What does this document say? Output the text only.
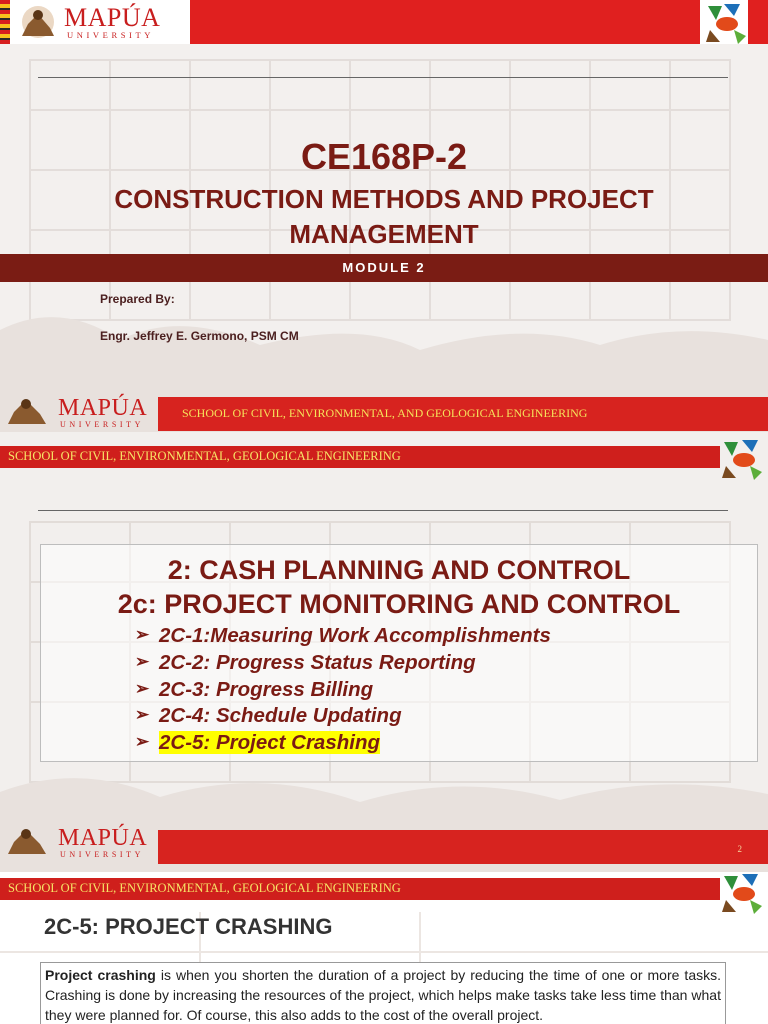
MAPÚA
UNIVERSITY
CE168P-2
CONSTRUCTION METHODS AND PROJECT
MANAGEMENT
MODULE 2
Prepared By:
Engr. Jeffrey E. Germono, PSM CM
MAPÚA
UNIVERSITY
SCHOOL OF CIVIL, ENVIRONMENTAL, AND GEOLOGICAL ENGINEERING
SCHOOL OF CIVIL, ENVIRONMENTAL, GEOLOGICAL ENGINEERING
2: CASH PLANNING AND CONTROL
2c: PROJECT MONITORING AND CONTROL
➢ 2C-1:Measuring Work Accomplishments
➢ 2C-2: Progress Status Reporting
➢ 2C-3: Progress Billing
➢ 2C-4: Schedule Updating
➢ 2C-5: Project Crashing
MAPÚA
UNIVERSITY
2
SCHOOL OF CIVIL, ENVIRONMENTAL, GEOLOGICAL ENGINEERING
2C-5: PROJECT CRASHING
Project crashing is when you shorten the duration of a project by reducing the time of one or more tasks. Crashing is done by increasing the resources of the project, which helps make tasks take less time than what they were planned for. Of course, this also adds to the cost of the overall project.
